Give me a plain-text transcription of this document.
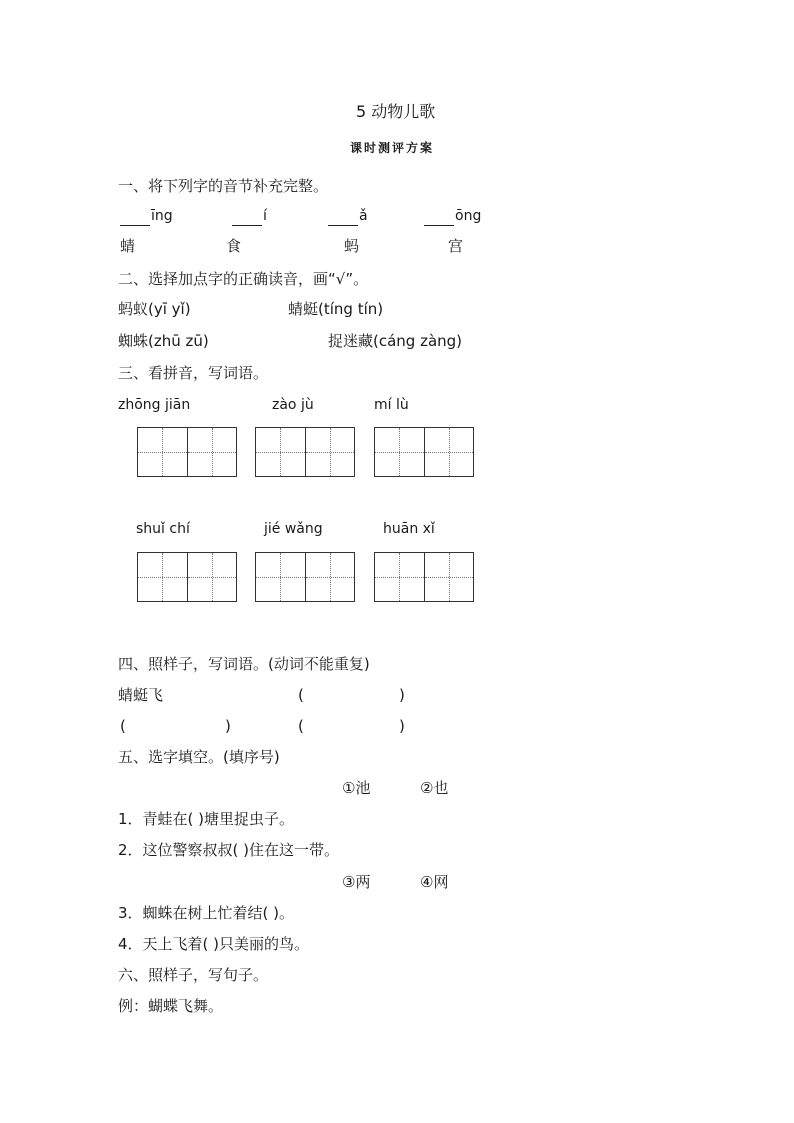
5 动物儿歌
课时测评方案
一、将下列字的音节补充完整。
īng	í	ǎ	ōng
蜻	食	蚂	宫
二、选择加点字的正确读音，画“√”。
蚂蚁(yī yǐ)	蜻蜓(tíng tín)
蜘蛛(zhū zū)	捉迷藏(cáng zàng)
三、看拼音，写词语。
zhōng jiān	zào jù	mí lù
shuǐ chí	jié wǎng	huān xǐ
四、照样子，写词语。(动词不能重复)
蜻蜓飞	(	)
(	)	(	)
五、选字填空。(填序号)
①池	②也
1．青蛙在( )塘里捉虫子。
2．这位警察叔叔( )住在这一带。
③两	④网
3．蜘蛛在树上忙着结( )。
4．天上飞着( )只美丽的鸟。
六、照样子，写句子。
例：蝴蝶飞舞。
